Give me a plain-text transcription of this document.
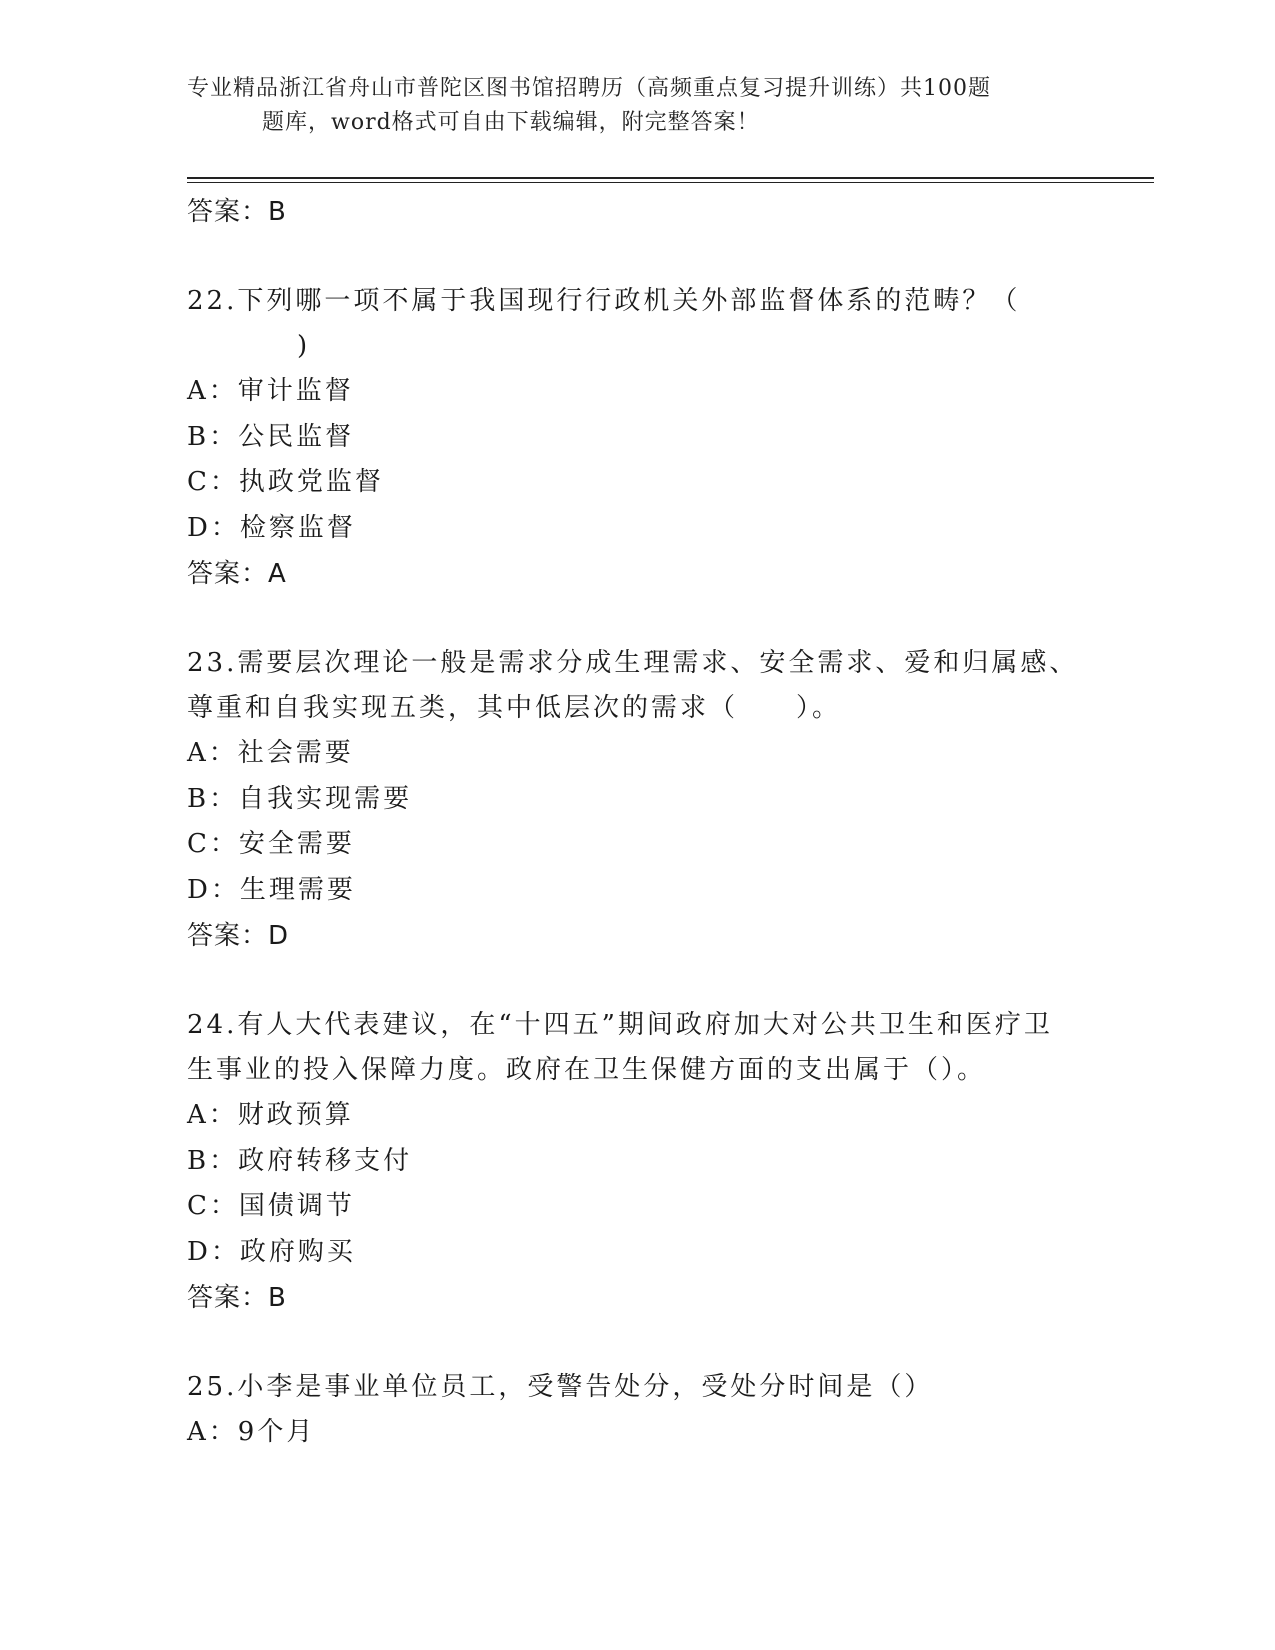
专业精品浙江省舟山市普陀区图书馆招聘历（高频重点复习提升训练）共100题
题库，word格式可自由下载编辑，附完整答案！
答案：B
22.下列哪一项不属于我国现行行政机关外部监督体系的范畴？（
)
A：审计监督
B：公民监督
C：执政党监督
D：检察监督
答案：A
23.需要层次理论一般是需求分成生理需求、安全需求、爱和归属感、
尊重和自我实现五类，其中低层次的需求（　　）。
A：社会需要
B：自我实现需要
C：安全需要
D：生理需要
答案：D
24.有人大代表建议，在“十四五”期间政府加大对公共卫生和医疗卫
生事业的投入保障力度。政府在卫生保健方面的支出属于（）。
A：财政预算
B：政府转移支付
C：国债调节
D：政府购买
答案：B
25.小李是事业单位员工，受警告处分，受处分时间是（）
A：9个月
